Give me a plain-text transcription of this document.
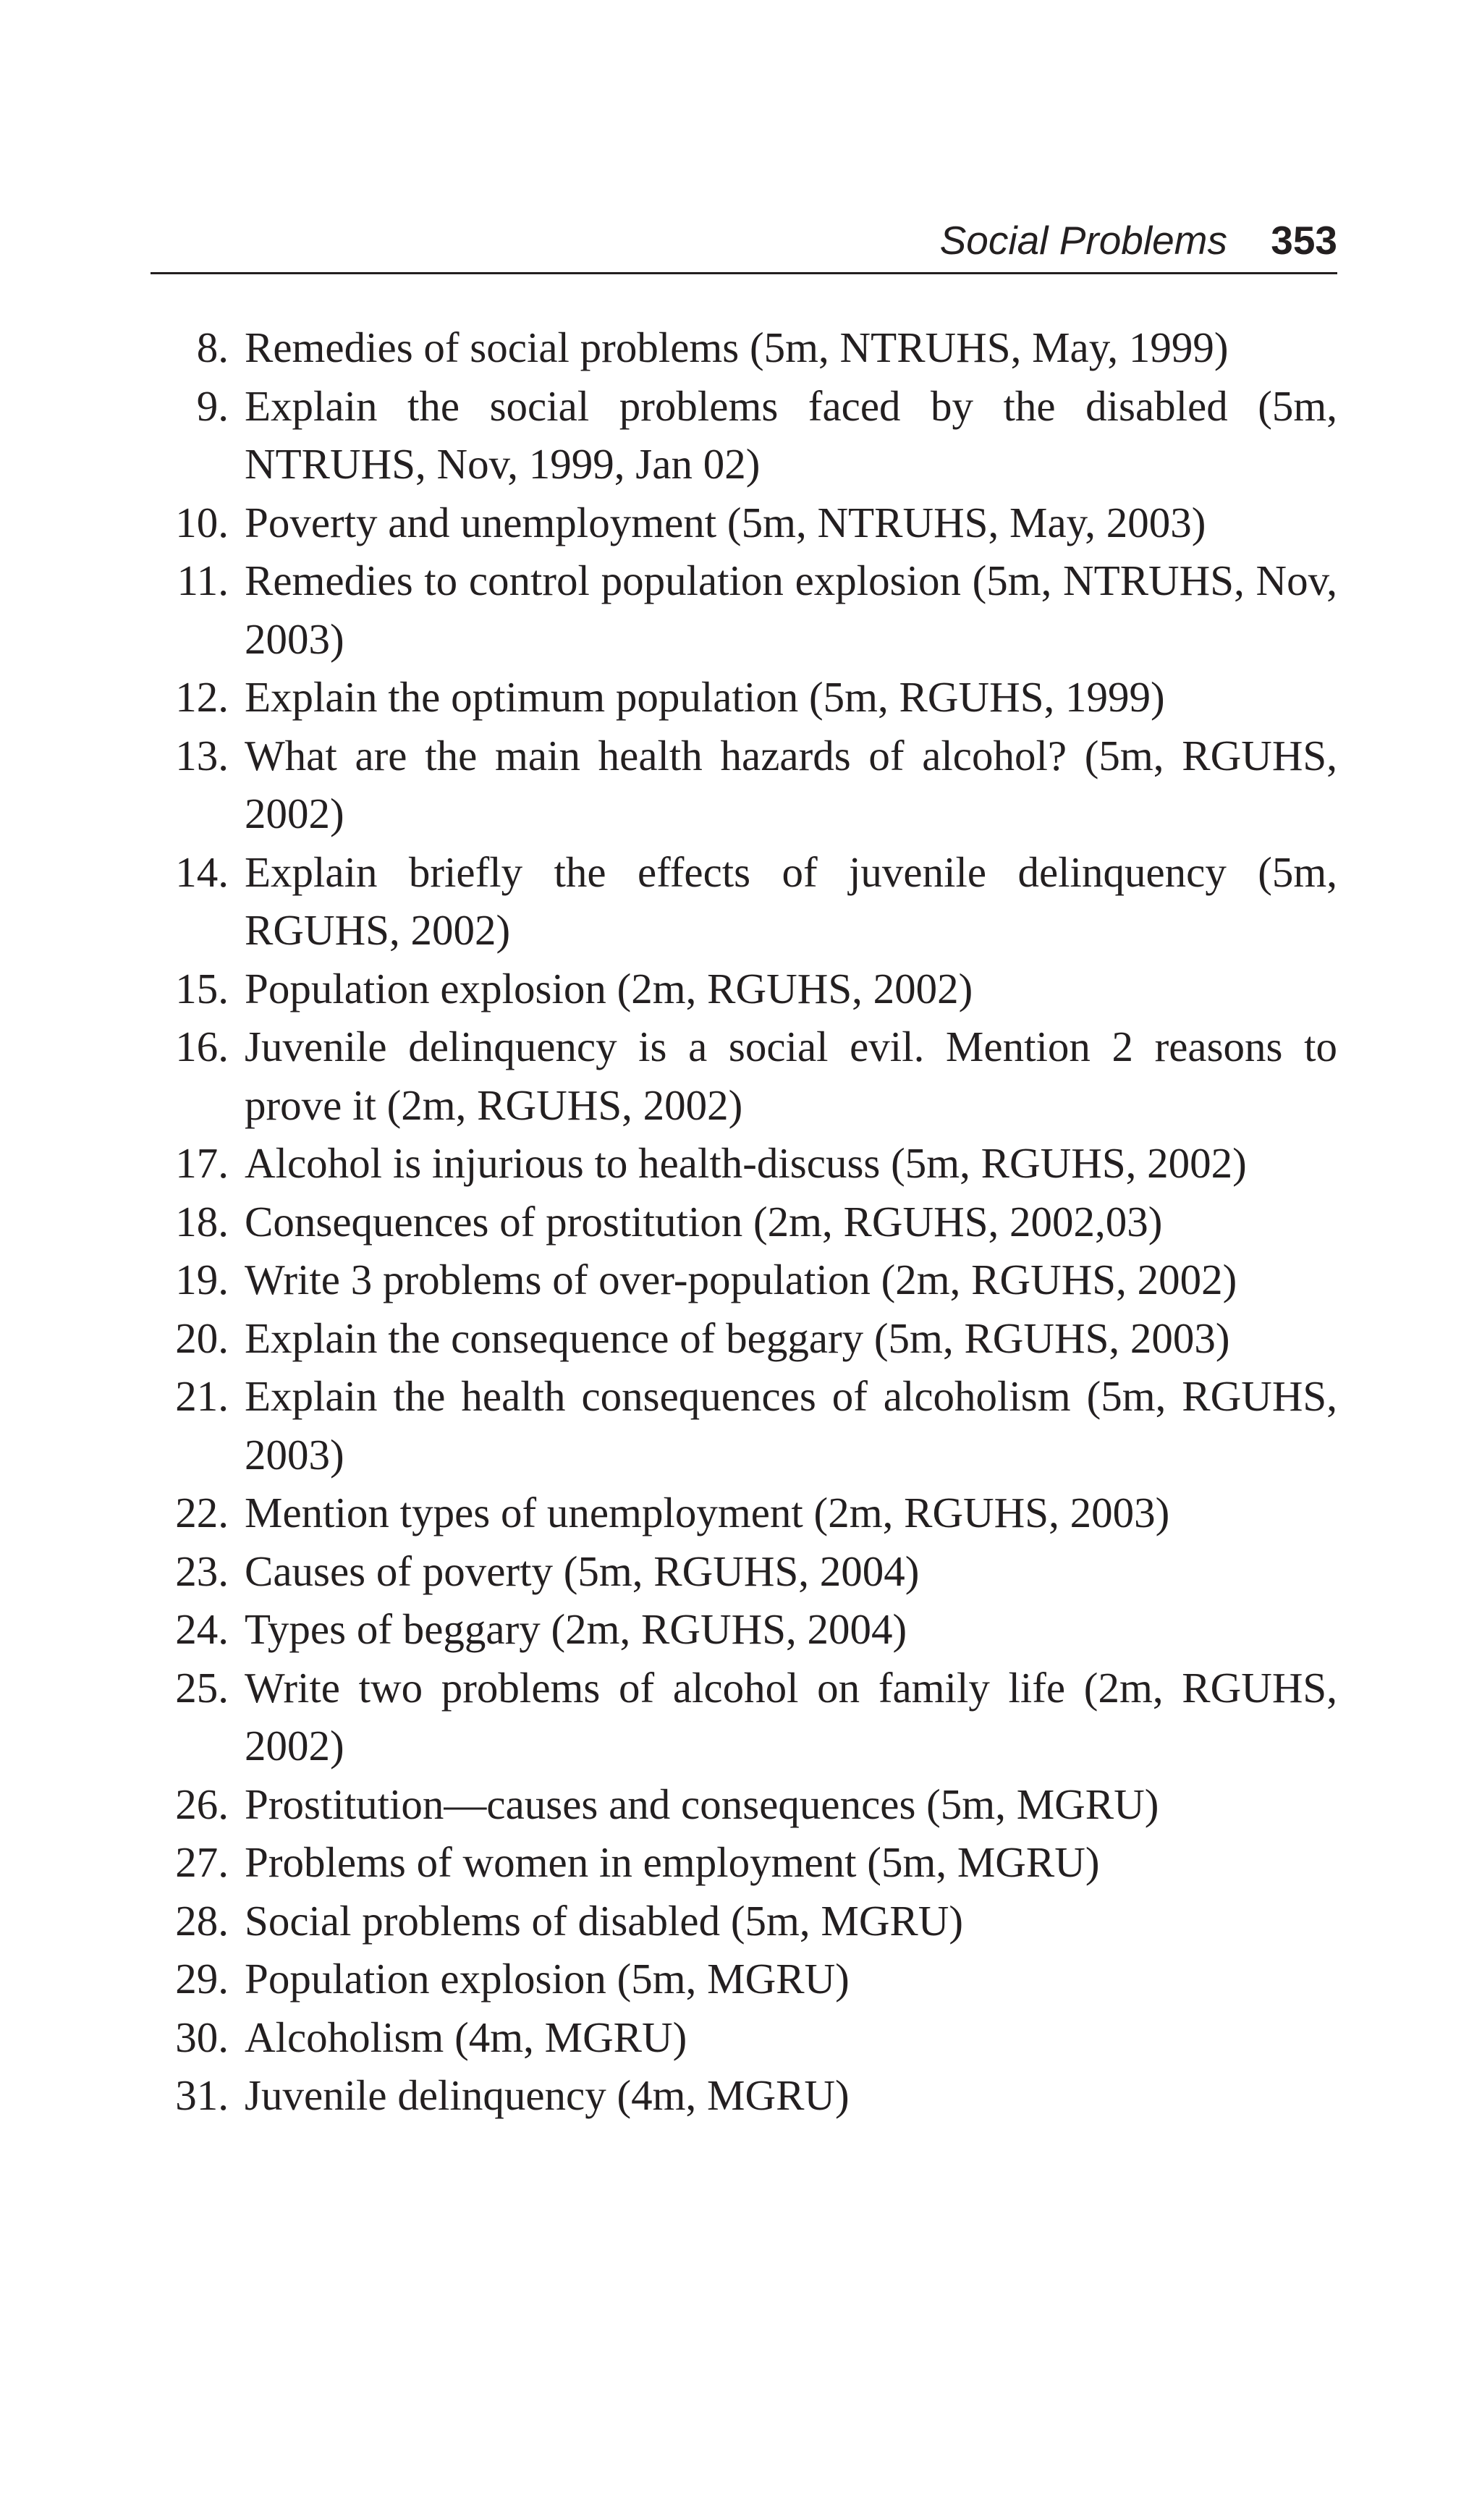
Social Problems 353
8. Remedies of social problems (5m, NTRUHS, May, 1999)
9. Explain the social problems faced by the disabled (5m, NTRUHS, Nov, 1999, Jan 02)
10. Poverty and unemployment (5m, NTRUHS, May, 2003)
11. Remedies to control population explosion (5m, NTRUHS, Nov, 2003)
12. Explain the optimum population (5m, RGUHS, 1999)
13. What are the main health hazards of alcohol? (5m, RGUHS, 2002)
14. Explain briefly the effects of juvenile delinquency (5m, RGUHS, 2002)
15. Population explosion (2m, RGUHS, 2002)
16. Juvenile delinquency is a social evil. Mention 2 reasons to prove it (2m, RGUHS, 2002)
17. Alcohol is injurious to health-discuss (5m, RGUHS, 2002)
18. Consequences of prostitution (2m, RGUHS, 2002,03)
19. Write 3 problems of over-population (2m, RGUHS, 2002)
20. Explain the consequence of beggary (5m, RGUHS, 2003)
21. Explain the health consequences of alcoholism (5m, RGUHS, 2003)
22. Mention types of unemployment (2m, RGUHS, 2003)
23. Causes of poverty (5m, RGUHS, 2004)
24. Types of beggary (2m, RGUHS, 2004)
25. Write two problems of alcohol on family life (2m, RGUHS, 2002)
26. Prostitution—causes and consequences (5m, MGRU)
27. Problems of women in employment (5m, MGRU)
28. Social problems of disabled (5m, MGRU)
29. Population explosion (5m, MGRU)
30. Alcoholism (4m, MGRU)
31. Juvenile delinquency (4m, MGRU)
